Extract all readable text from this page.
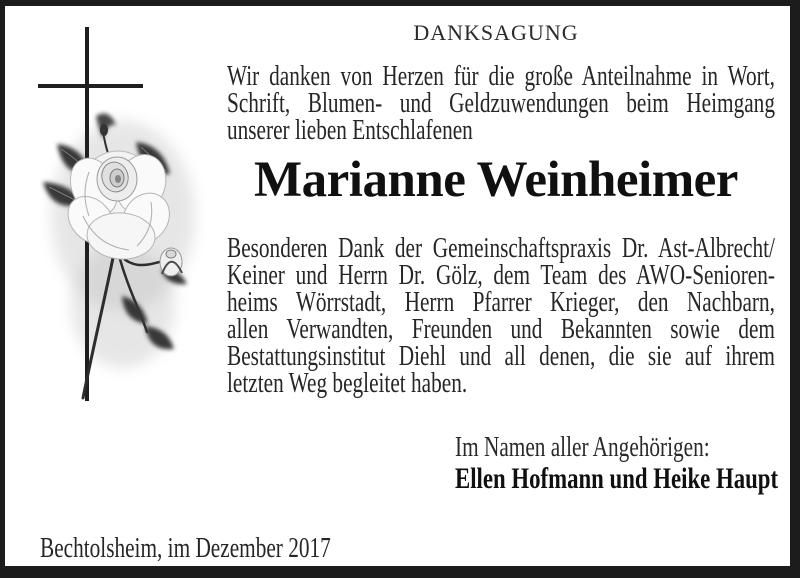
DANKSAGUNG
Wir danken von Herzen für die große Anteilnahme in Wort,
Schrift, Blumen- und Geldzuwendungen beim Heimgang
unserer lieben Entschlafenen
Marianne Weinheimer
Besonderen Dank der Gemeinschaftspraxis Dr. Ast-Albrecht/
Keiner und Herrn Dr. Gölz, dem Team des AWO-Senioren-
heims Wörrstadt, Herrn Pfarrer Krieger, den Nachbarn,
allen Verwandten, Freunden und Bekannten sowie dem
Bestattungsinstitut Diehl und all denen, die sie auf ihrem
letzten Weg begleitet haben.
Im Namen aller Angehörigen:
Ellen Hofmann und Heike Haupt
Bechtolsheim, im Dezember 2017
